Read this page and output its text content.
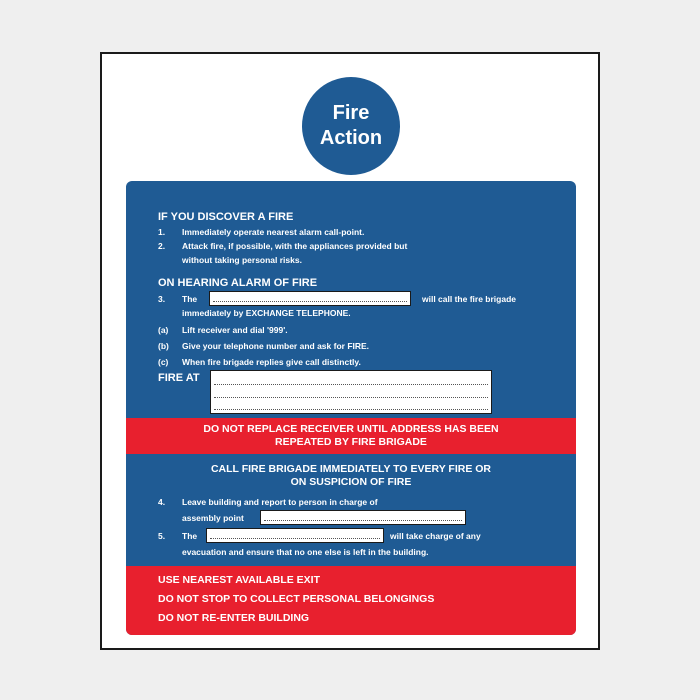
Fire
Action
IF YOU DISCOVER A FIRE
1. Immediately operate nearest alarm call-point.
2. Attack fire, if possible, with the appliances provided but
without taking personal risks.
ON HEARING ALARM OF FIRE
3. The	will call the fire brigade
immediately by EXCHANGE TELEPHONE.
(a) Lift receiver and dial '999'.
(b) Give your telephone number and ask for FIRE.
(c) When fire brigade replies give call distinctly.
FIRE AT
DO NOT REPLACE RECEIVER UNTIL ADDRESS HAS BEEN
REPEATED BY FIRE BRIGADE
CALL FIRE BRIGADE IMMEDIATELY TO EVERY FIRE OR
ON SUSPICION OF FIRE
4. Leave building and report to person in charge of
assembly point
5. The	will take charge of any
evacuation and ensure that no one else is left in the building.
USE NEAREST AVAILABLE EXIT
DO NOT STOP TO COLLECT PERSONAL BELONGINGS
DO NOT RE-ENTER BUILDING
